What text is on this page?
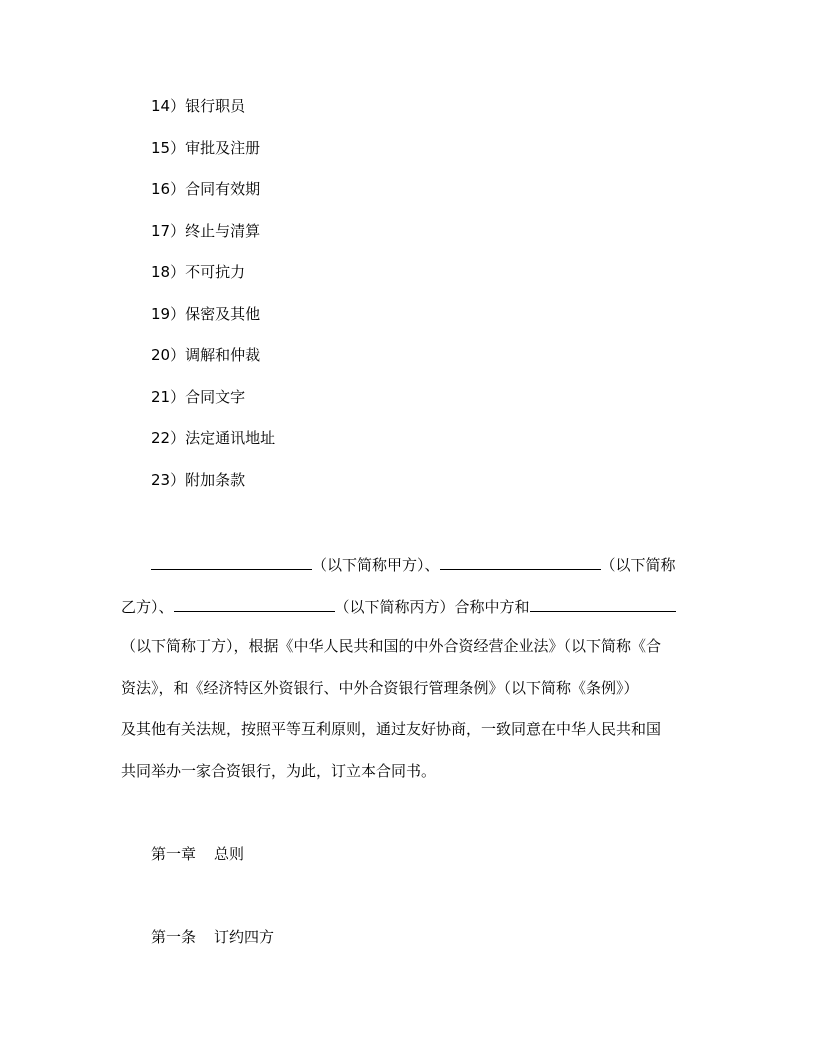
14）银行职员
15）审批及注册
16）合同有效期
17）终止与清算
18）不可抗力
19）保密及其他
20）调解和仲裁
21）合同文字
22）法定通讯地址
23）附加条款
（以下简称甲方）、	（以下简称
乙方）、	（以下简称丙方）合称中方和
（以下简称丁方），根据《中华人民共和国的中外合资经营企业法》（以下简称《合
资法》，和《经济特区外资银行、中外合资银行管理条例》（以下简称《条例》）
及其他有关法规，按照平等互利原则，通过友好协商，一致同意在中华人民共和国
共同举办一家合资银行，为此，订立本合同书。
第一章 总则
第一条 订约四方
